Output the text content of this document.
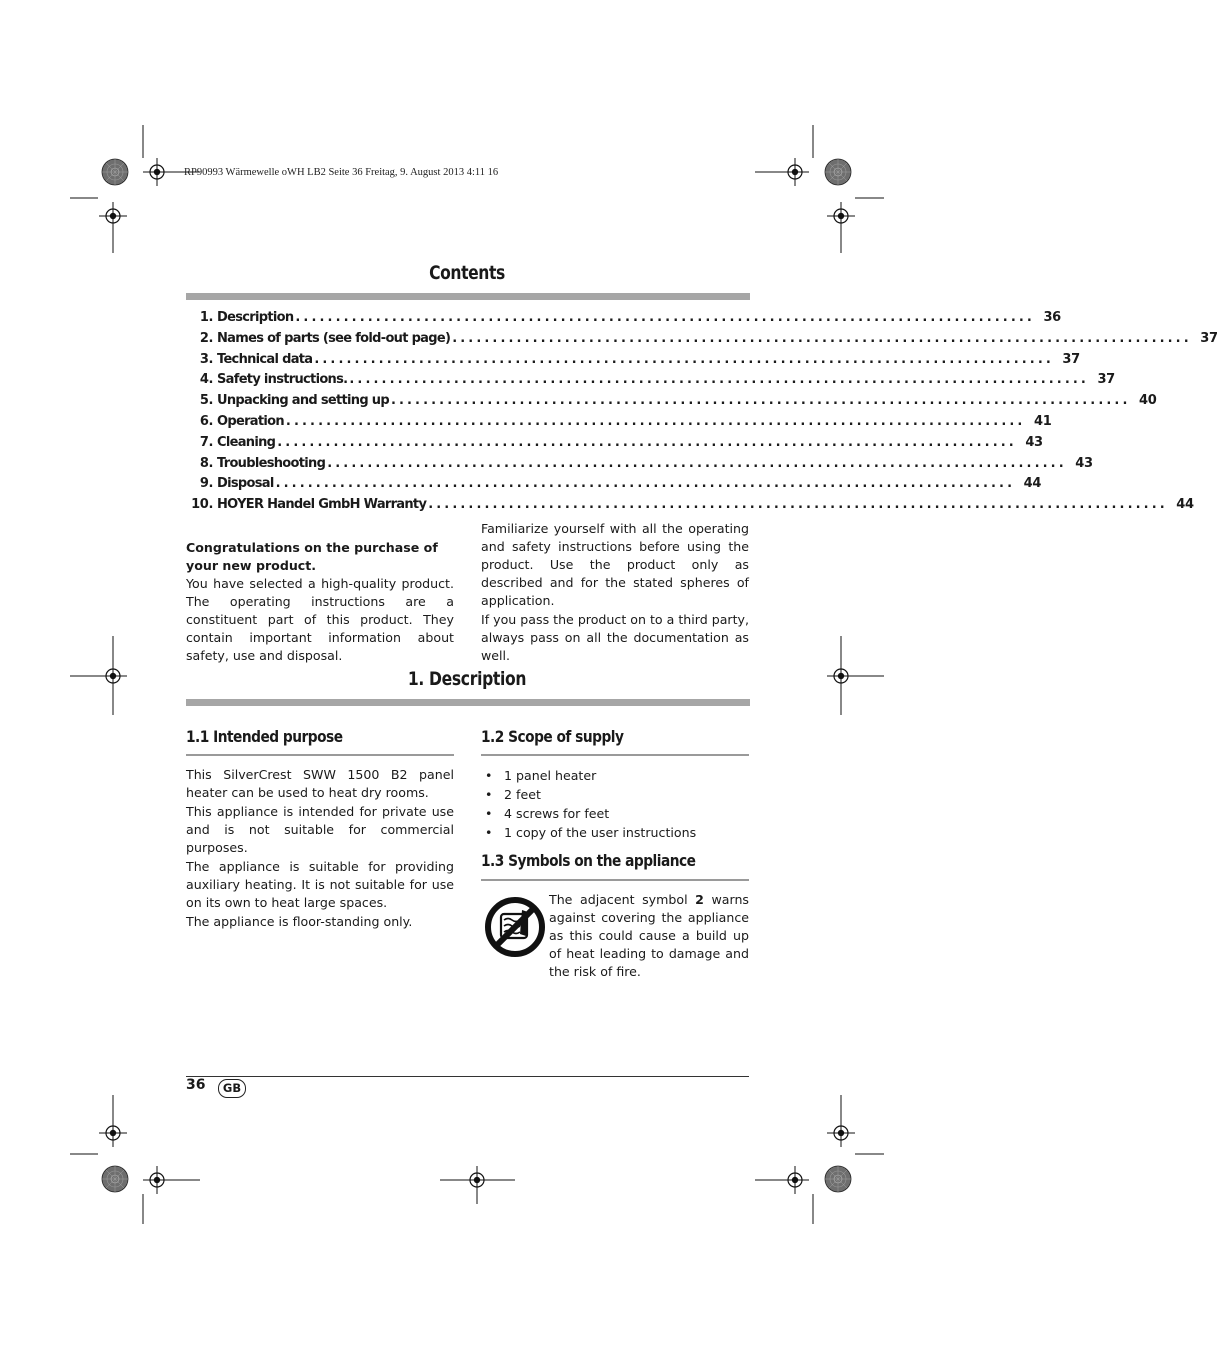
RP90993 Wärmewelle oWH LB2 Seite 36 Freitag, 9. August 2013 4:11 16
Contents
1. Description ............................................................................................ 36
2. Names of parts (see fold-out page) ............................................................................................ 37
3. Technical data ............................................................................................ 37
4. Safety instructions. ............................................................................................ 37
5. Unpacking and setting up ............................................................................................ 40
6. Operation ............................................................................................ 41
7. Cleaning ............................................................................................ 43
8. Troubleshooting ............................................................................................ 43
9. Disposal ............................................................................................ 44
10. HOYER Handel GmbH Warranty ............................................................................................ 44
Congratulations on the purchase of your new product.
You have selected a high-quality product. The operating instructions are a constituent part of this product. They contain important information about safety, use and disposal.
Familiarize yourself with all the operating and safety instructions before using the product. Use the product only as described and for the stated spheres of application.
If you pass the product on to a third party, always pass on all the documentation as well.
1. Description
1.1 Intended purpose
This SilverCrest SWW 1500 B2 panel heater can be used to heat dry rooms.
This appliance is intended for private use and is not suitable for commercial purposes.
The appliance is suitable for providing auxiliary heating. It is not suitable for use on its own to heat large spaces.
The appliance is floor-standing only.
1.2 Scope of supply
• 1 panel heater
• 2 feet
• 4 screws for feet
• 1 copy of the user instructions
1.3 Symbols on the appliance
The adjacent symbol 2 warns against covering the appliance as this could cause a build up of heat leading to damage and the risk of fire.
36	GB
